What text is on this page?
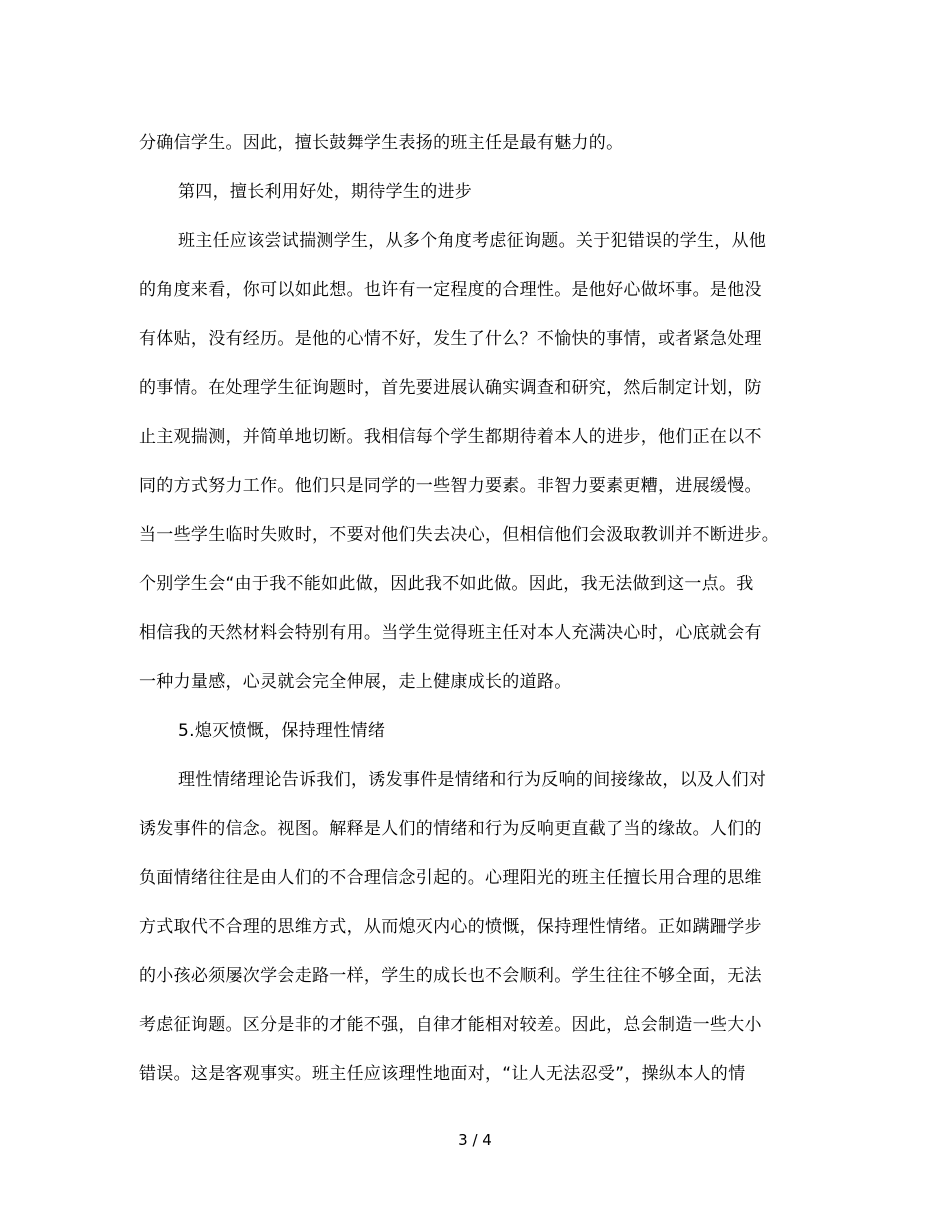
分确信学生。因此，擅长鼓舞学生表扬的班主任是最有魅力的。
第四，擅长利用好处，期待学生的进步
班主任应该尝试揣测学生，从多个角度考虑征询题。关于犯错误的学生，从他
的角度来看，你可以如此想。也许有一定程度的合理性。是他好心做坏事。是他没
有体贴，没有经历。是他的心情不好，发生了什么？不愉快的事情，或者紧急处理
的事情。在处理学生征询题时，首先要进展认确实调查和研究，然后制定计划，防
止主观揣测，并简单地切断。我相信每个学生都期待着本人的进步，他们正在以不
同的方式努力工作。他们只是同学的一些智力要素。非智力要素更糟，进展缓慢。
当一些学生临时失败时，不要对他们失去决心，但相信他们会汲取教训并不断进步。
个别学生会“由于我不能如此做，因此我不如此做。因此，我无法做到这一点。我
相信我的天然材料会特别有用。当学生觉得班主任对本人充满决心时，心底就会有
一种力量感，心灵就会完全伸展，走上健康成长的道路。
5.熄灭愤慨，保持理性情绪
理性情绪理论告诉我们，诱发事件是情绪和行为反响的间接缘故，以及人们对
诱发事件的信念。视图。解释是人们的情绪和行为反响更直截了当的缘故。人们的
负面情绪往往是由人们的不合理信念引起的。心理阳光的班主任擅长用合理的思维
方式取代不合理的思维方式，从而熄灭内心的愤慨，保持理性情绪。正如蹒跚学步
的小孩必须屡次学会走路一样，学生的成长也不会顺利。学生往往不够全面，无法
考虑征询题。区分是非的才能不强，自律才能相对较差。因此，总会制造一些大小
错误。这是客观事实。班主任应该理性地面对，“让人无法忍受”，操纵本人的情
3 / 4
